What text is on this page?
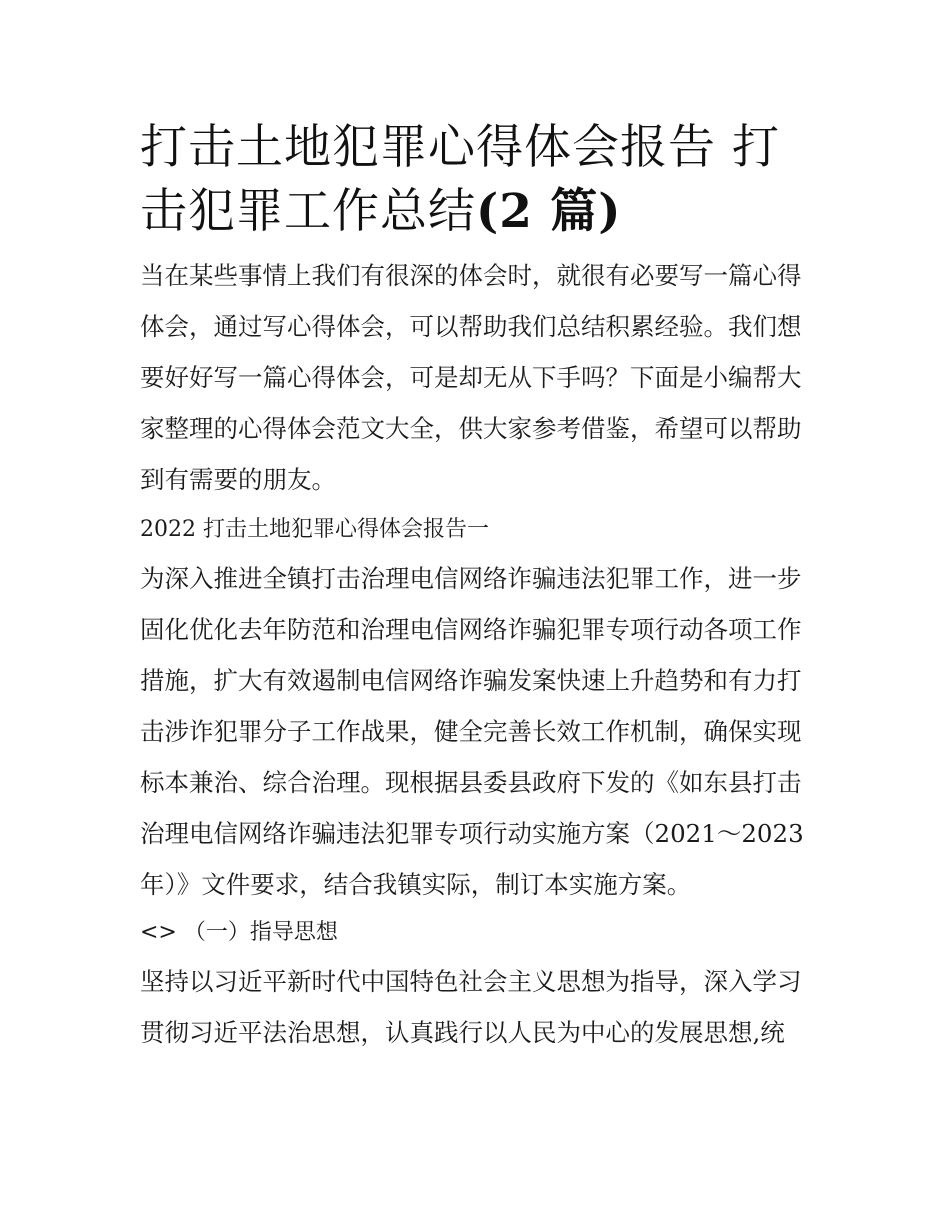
打击土地犯罪心得体会报告 打
击犯罪工作总结(2 篇)

当在某些事情上我们有很深的体会时，就很有必要写一篇心得
体会，通过写心得体会，可以帮助我们总结积累经验。我们想
要好好写一篇心得体会，可是却无从下手吗？下面是小编帮大
家整理的心得体会范文大全，供大家参考借鉴，希望可以帮助
到有需要的朋友。

2022 打击土地犯罪心得体会报告一

为深入推进全镇打击治理电信网络诈骗违法犯罪工作，进一步
固化优化去年防范和治理电信网络诈骗犯罪专项行动各项工作
措施，扩大有效遏制电信网络诈骗发案快速上升趋势和有力打
击涉诈犯罪分子工作战果，健全完善长效工作机制，确保实现
标本兼治、综合治理。现根据县委县政府下发的《如东县打击
治理电信网络诈骗违法犯罪专项行动实施方案（2021～2023
年）》文件要求，结合我镇实际，制订本实施方案。

<> （一）指导思想

坚持以习近平新时代中国特色社会主义思想为指导，深入学习
贯彻习近平法治思想，认真践行以人民为中心的发展思想,统
